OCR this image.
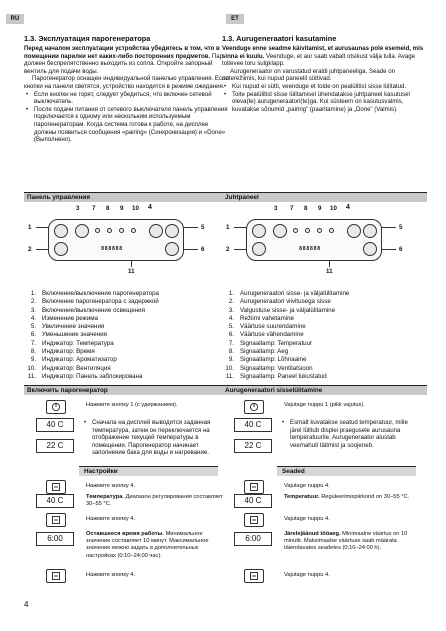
RU	ET
1.3. Эксплуатация парогенератора

Перед началом эксплуатации устройства убедитесь в том, что в помещении парилки нет каких-либо посторонних предметов. Пар должен беспрепятственно выходить из сопла. Откройте запорный вентиль для подачи воды.

Парогенератор оснащен индивидуальной панелью управления. Если кнопки на панели светятся, устройство находится в режиме ожидания.

• Если кнопки не горят, следует убедиться, что включен сетевой выключатель.
• После подачи питания от сетевого выключателя панель управления подключается к одному или нескольким используемым парогенераторам. Когда система готова к работе, на дисплее должны появиться сообщения «pairing» (Синхронизация) и «Done» (Выполнено).
1.3. Aurugeneraatori kasutamine

Veenduge enne seadme käivitamist, et aurusaunas pole esemeid, mis sinna ei kuulu. Veenduge, et aur saab vabalt otsikust välja tulla. Avage toitevee toru sulgklapp.

Aurugeneraator on varustatud eraldi juhtpaneeliga. Seade on ooterežiimis, kui nupud paneelil süttivad.

• Kui nupud ei sütti, veenduge et toide on pealülitist sisse lülitatud.
• Toite pealülitist sisse lülitamisel ühendatakse juhtpaneel kasutusel oleva(te) aurugeneraatori(te)ga. Kui süsteem on kasutusvalmis, kuvatakse sõnumid „pairing” (paaritamine) ja „Done” (Valmis).
Панель управления	Juhtpaneel
3 7 8 9 10 4
1
2
5
6
11
888888
3 7 8 9 10 4
1
2
5
6
11
888888
1. Включение/выключение парогенератора
2. Включение парогенератора с задержкой
3. Включение/выключение освещения
4. Изменение режима
5. Увеличение значения
6. Уменьшение значения
7. Индикатор: Температура
8. Индикатор: Время
9. Индикатор: Ароматизатор
10. Индикатор: Вентиляция
11. Индикатор: Панель заблокирована
1. Aurugeneraatori sisse- ja väljalülitamine
2. Aurugeneraatori viivitusega sisse
3. Valgustuse sisse- ja väljalülitamine
4. Režiimi vahetamine
5. Väärtuse suurendamine
6. Väärtuse vähendamine
7. Signaallamp: Temperatuur
8. Signaallamp: Aeg
9. Signaallamp: Lõhnaaine
10. Signaallamp: Ventilatsioon
11. Signaallamp: Paneel lukustatud
Включить парогенератор	Aurugeneraatori sisselülitamine
Нажмите кнопку 1 (с удержанием).
40 C
22 C
• Сначала на дисплей выводится заданная температура, затем он переключается на отображение текущей температуры в помещении. Парогенератор начинает заполнение бака для воды и нагревание.
Настройки
Нажмите кнопку 4.
40 C	Температура. Диапазон регулирования составляет 30–55 °C.
Нажмите кнопку 4.
6:00	Оставшееся время работы. Минимальное значение составляет 10 минут. Максимальное значение можно задать в дополнительных настройках (0:10–24:00 час).
Нажмите кнопку 4.
Vajutage nuppu 1 (pikk vajutus).
40 C
22 C
• Esmalt kuvatakse seatud temperatuur, mille järel lülitub displei praegusele aurusauna temperatuurile. Aurugeneraator alustab veemahuti täitmist ja soojeneb.
Seaded
Vajutage nuppu 4.
40 C	Temperatuur. Reguleerimispiirkond on 30–55 °C.
Vajutage nuppu 4.
6:00	Järelejäänud tööaeg. Minimaalne väärtus on 10 minutit. Maksimaalse väärtuse saab määrata täiendavates seadetes (0:10–24:00 h).
Vajutage nuppu 4.
4
